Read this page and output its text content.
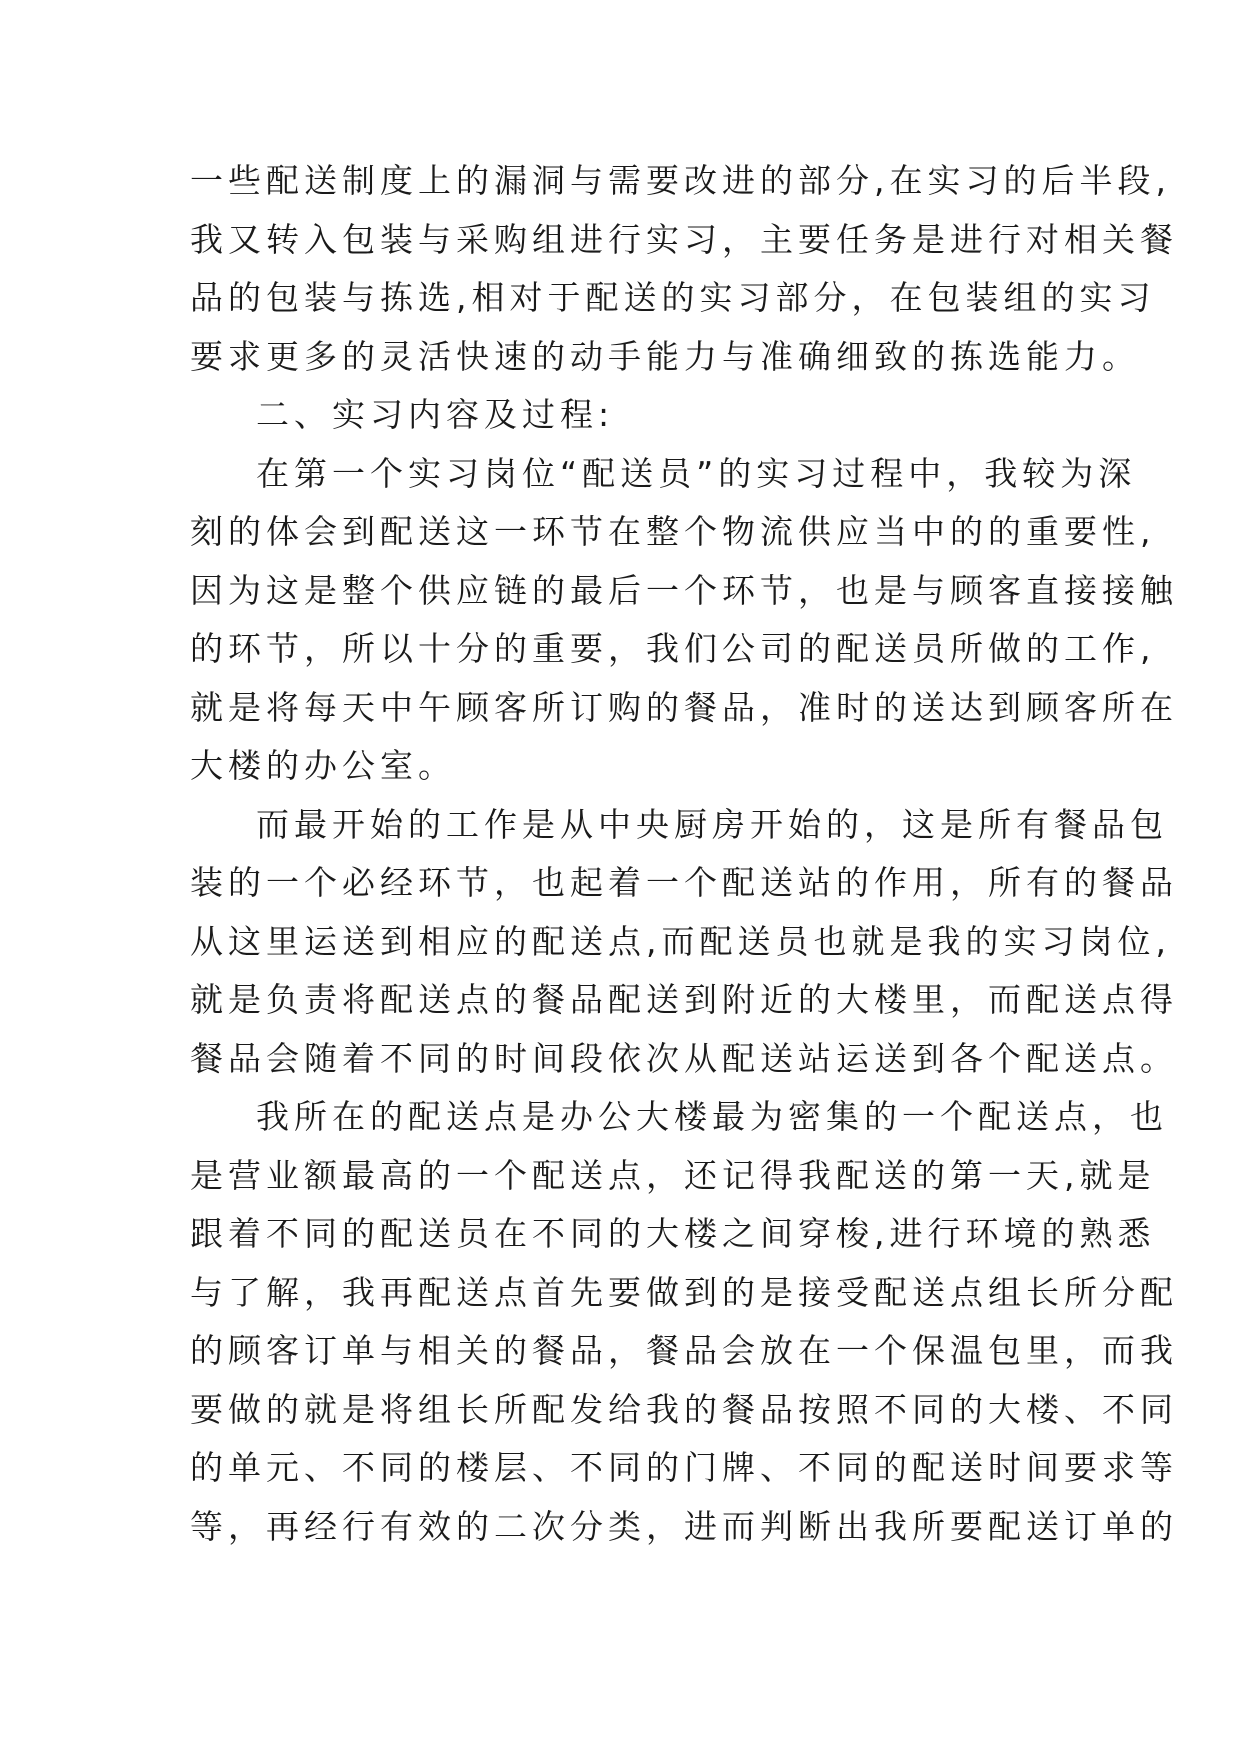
一些配送制度上的漏洞与需要改进的部分,在实习的后半段,
我又转入包装与采购组进行实习，主要任务是进行对相关餐
品的包装与拣选,相对于配送的实习部分，在包装组的实习
要求更多的灵活快速的动手能力与准确细致的拣选能力。
二、实习内容及过程:
在第一个实习岗位“配送员”的实习过程中，我较为深
刻的体会到配送这一环节在整个物流供应当中的的重要性,
因为这是整个供应链的最后一个环节，也是与顾客直接接触
的环节，所以十分的重要，我们公司的配送员所做的工作,
就是将每天中午顾客所订购的餐品，准时的送达到顾客所在
大楼的办公室。
而最开始的工作是从中央厨房开始的，这是所有餐品包
装的一个必经环节，也起着一个配送站的作用，所有的餐品
从这里运送到相应的配送点,而配送员也就是我的实习岗位,
就是负责将配送点的餐品配送到附近的大楼里，而配送点得
餐品会随着不同的时间段依次从配送站运送到各个配送点。
我所在的配送点是办公大楼最为密集的一个配送点，也
是营业额最高的一个配送点，还记得我配送的第一天,就是
跟着不同的配送员在不同的大楼之间穿梭,进行环境的熟悉
与了解，我再配送点首先要做到的是接受配送点组长所分配
的顾客订单与相关的餐品，餐品会放在一个保温包里，而我
要做的就是将组长所配发给我的餐品按照不同的大楼、不同
的单元、不同的楼层、不同的门牌、不同的配送时间要求等
等，再经行有效的二次分类，进而判断出我所要配送订单的
